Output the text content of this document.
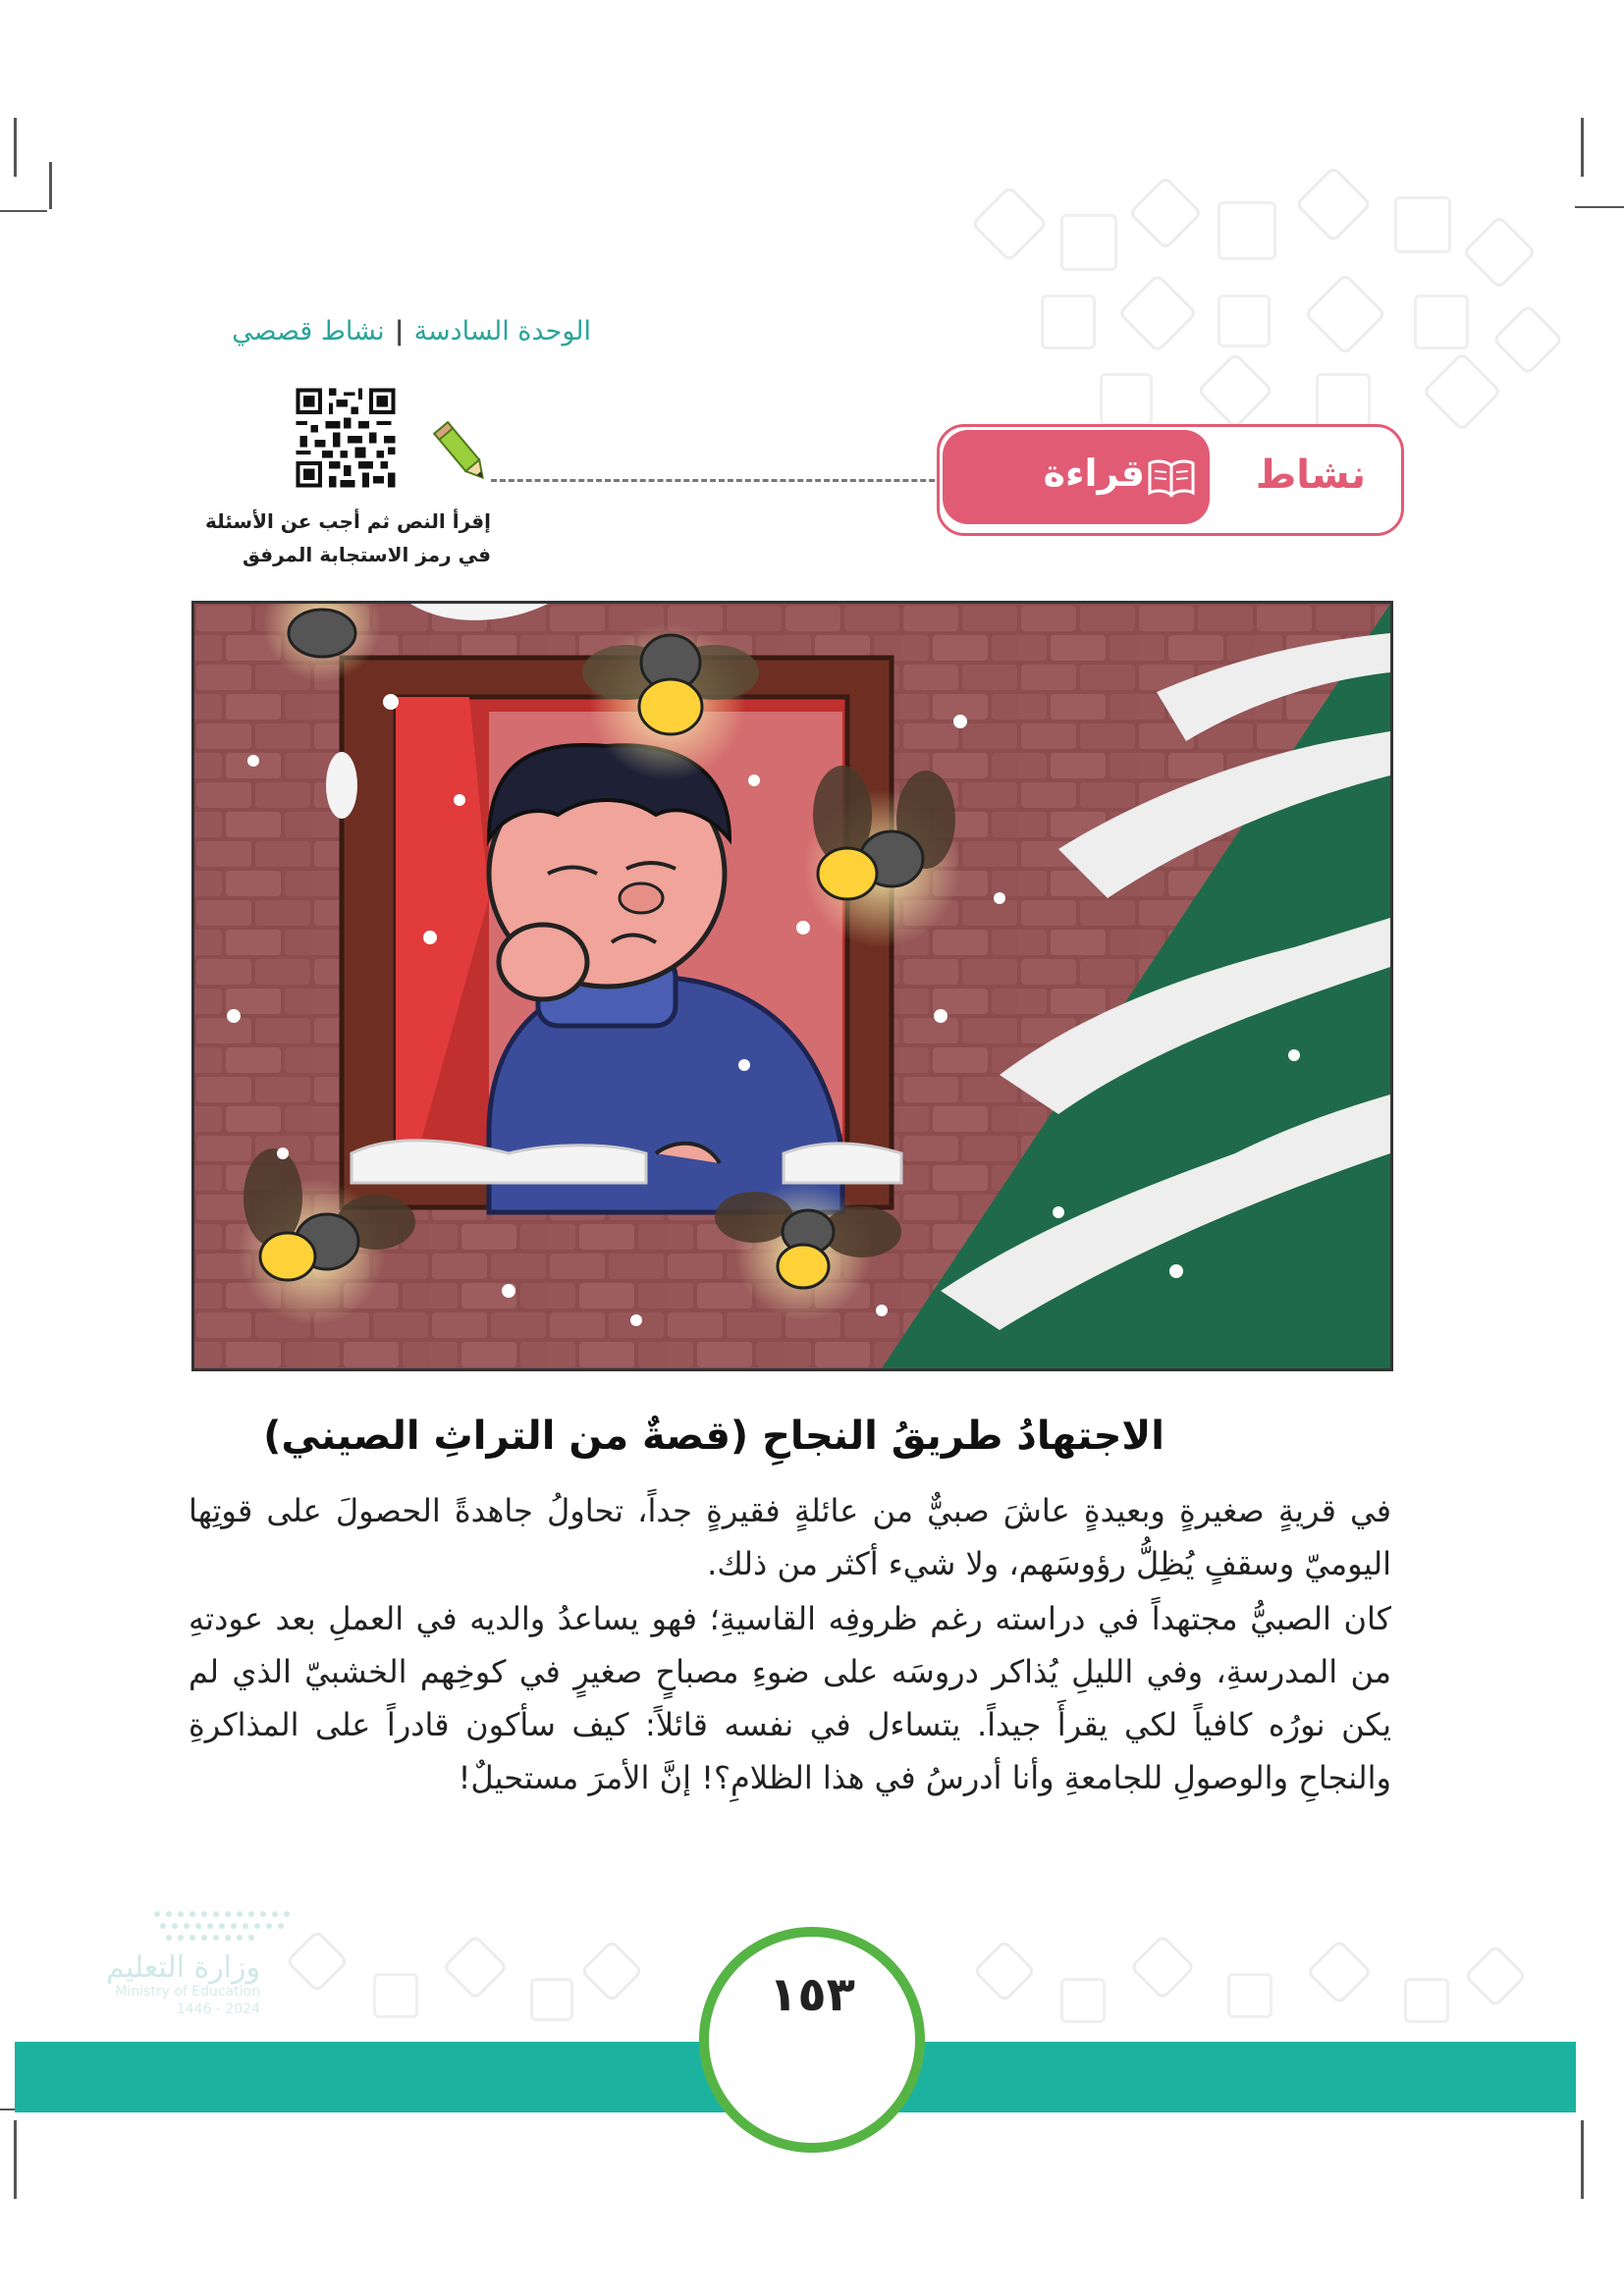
الوحدة السادسة|نشاط قصصي
إقرأ النص ثم أجب عن الأسئلة
في رمز الاستجابة المرفق
نشاط
قراءة
الاجتهادُ طريقُ النجاحِ (قصةٌ من التراثِ الصيني)

في قريةٍ صغيرةٍ وبعيدةٍ عاشَ صبيٌّ من عائلةٍ فقيرةٍ جداً، تحاولُ جاهدةً الحصولَ على قوتِها اليوميّ وسقفٍ يُظِلُّ رؤوسَهم، ولا شيء أكثر من ذلك.

كان الصبيُّ مجتهداً في دراسته رغم ظروفِه القاسيةِ؛ فهو يساعدُ والديه في العملِ بعد عودتهِ من المدرسةِ، وفي الليلِ يُذاكر دروسَه على ضوءِ مصباحٍ صغيرٍ في كوخِهم الخشبيّ الذي لم يكن نورُه كافياً لكي يقرأَ جيداً. يتساءل في نفسه قائلاً: كيف سأكون قادراً على المذاكرةِ والنجاحِ والوصولِ للجامعةِ وأنا أدرسُ في هذا الظلامِ؟! إنَّ الأمرَ مستحيلٌ!

١٥٣
وزارة التعليم
Ministry of Education
2024 - 1446
